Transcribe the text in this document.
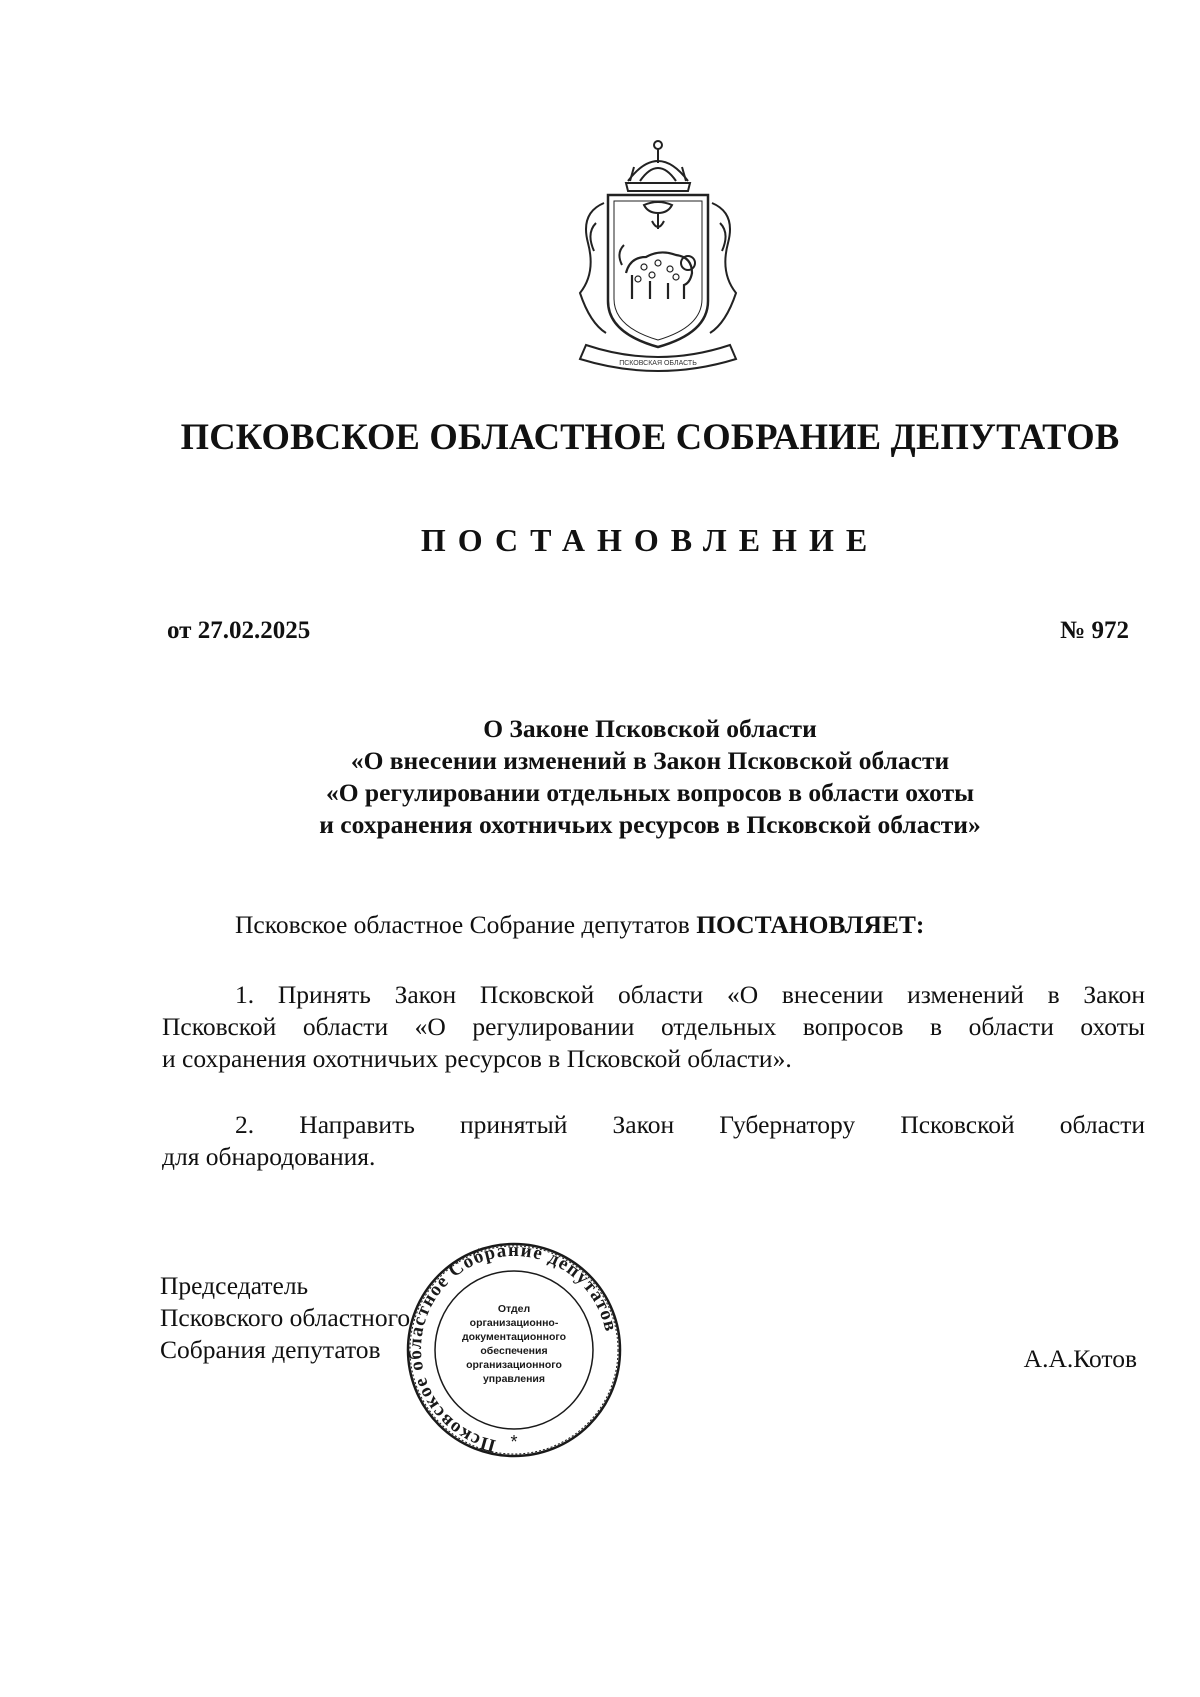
ПСКОВСКАЯ ОБЛАСТЬ
ПСКОВСКОЕ ОБЛАСТНОЕ СОБРАНИЕ ДЕПУТАТОВ
ПОСТАНОВЛЕНИЕ
от 27.02.2025	№ 972
О Законе Псковской области
«О внесении изменений в Закон Псковской области
«О регулировании отдельных вопросов в области охоты
и сохранения охотничьих ресурсов в Псковской области»
Псковское областное Собрание депутатов ПОСТАНОВЛЯЕТ:
1. Принять Закон Псковской области «О внесении изменений в Закон
Псковской области «О регулировании отдельных вопросов в области охоты
и сохранения охотничьих ресурсов в Псковской области».
2. Направить принятый Закон Губернатору Псковской области
для обнародования.
Председатель
Псковского областного
Собрания депутатов	А.А.Котов
Псковское областное Собрание депутатов
Отдел
организационно-
документационного
обеспечения
организационного
управления
*
